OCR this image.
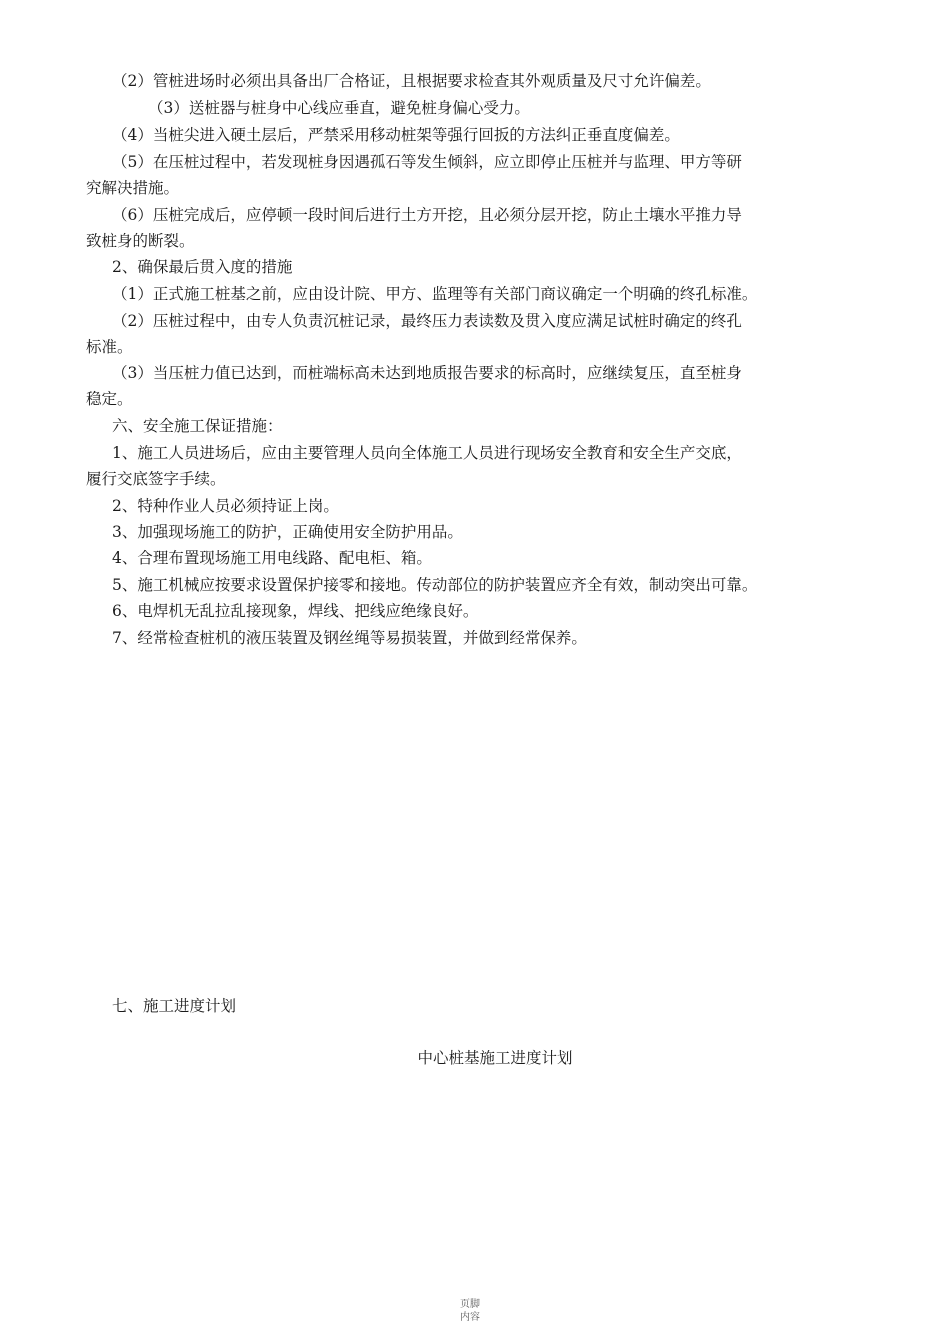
（2）管桩进场时必须出具备出厂合格证，且根据要求检查其外观质量及尺寸允许偏差。

（3）送桩器与桩身中心线应垂直，避免桩身偏心受力。

（4）当桩尖进入硬土层后，严禁采用移动桩架等强行回扳的方法纠正垂直度偏差。

（5）在压桩过程中，若发现桩身因遇孤石等发生倾斜，应立即停止压桩并与监理、甲方等研

究解决措施。

（6）压桩完成后，应停顿一段时间后进行土方开挖，且必须分层开挖，防止土壤水平推力导

致桩身的断裂。

2、确保最后贯入度的措施

（1）正式施工桩基之前，应由设计院、甲方、监理等有关部门商议确定一个明确的终孔标准。

（2）压桩过程中，由专人负责沉桩记录，最终压力表读数及贯入度应满足试桩时确定的终孔

标准。

（3）当压桩力值已达到，而桩端标高未达到地质报告要求的标高时，应继续复压，直至桩身

稳定。

六、安全施工保证措施：

1、施工人员进场后，应由主要管理人员向全体施工人员进行现场安全教育和安全生产交底，

履行交底签字手续。

2、特种作业人员必须持证上岗。

3、加强现场施工的防护，正确使用安全防护用品。

4、合理布置现场施工用电线路、配电柜、箱。

5、施工机械应按要求设置保护接零和接地。传动部位的防护装置应齐全有效，制动突出可靠。

6、电焊机无乱拉乱接现象，焊线、把线应绝缘良好。

7、经常检查桩机的液压装置及钢丝绳等易损装置，并做到经常保养。

七、施工进度计划
中心桩基施工进度计划
页脚
内容
